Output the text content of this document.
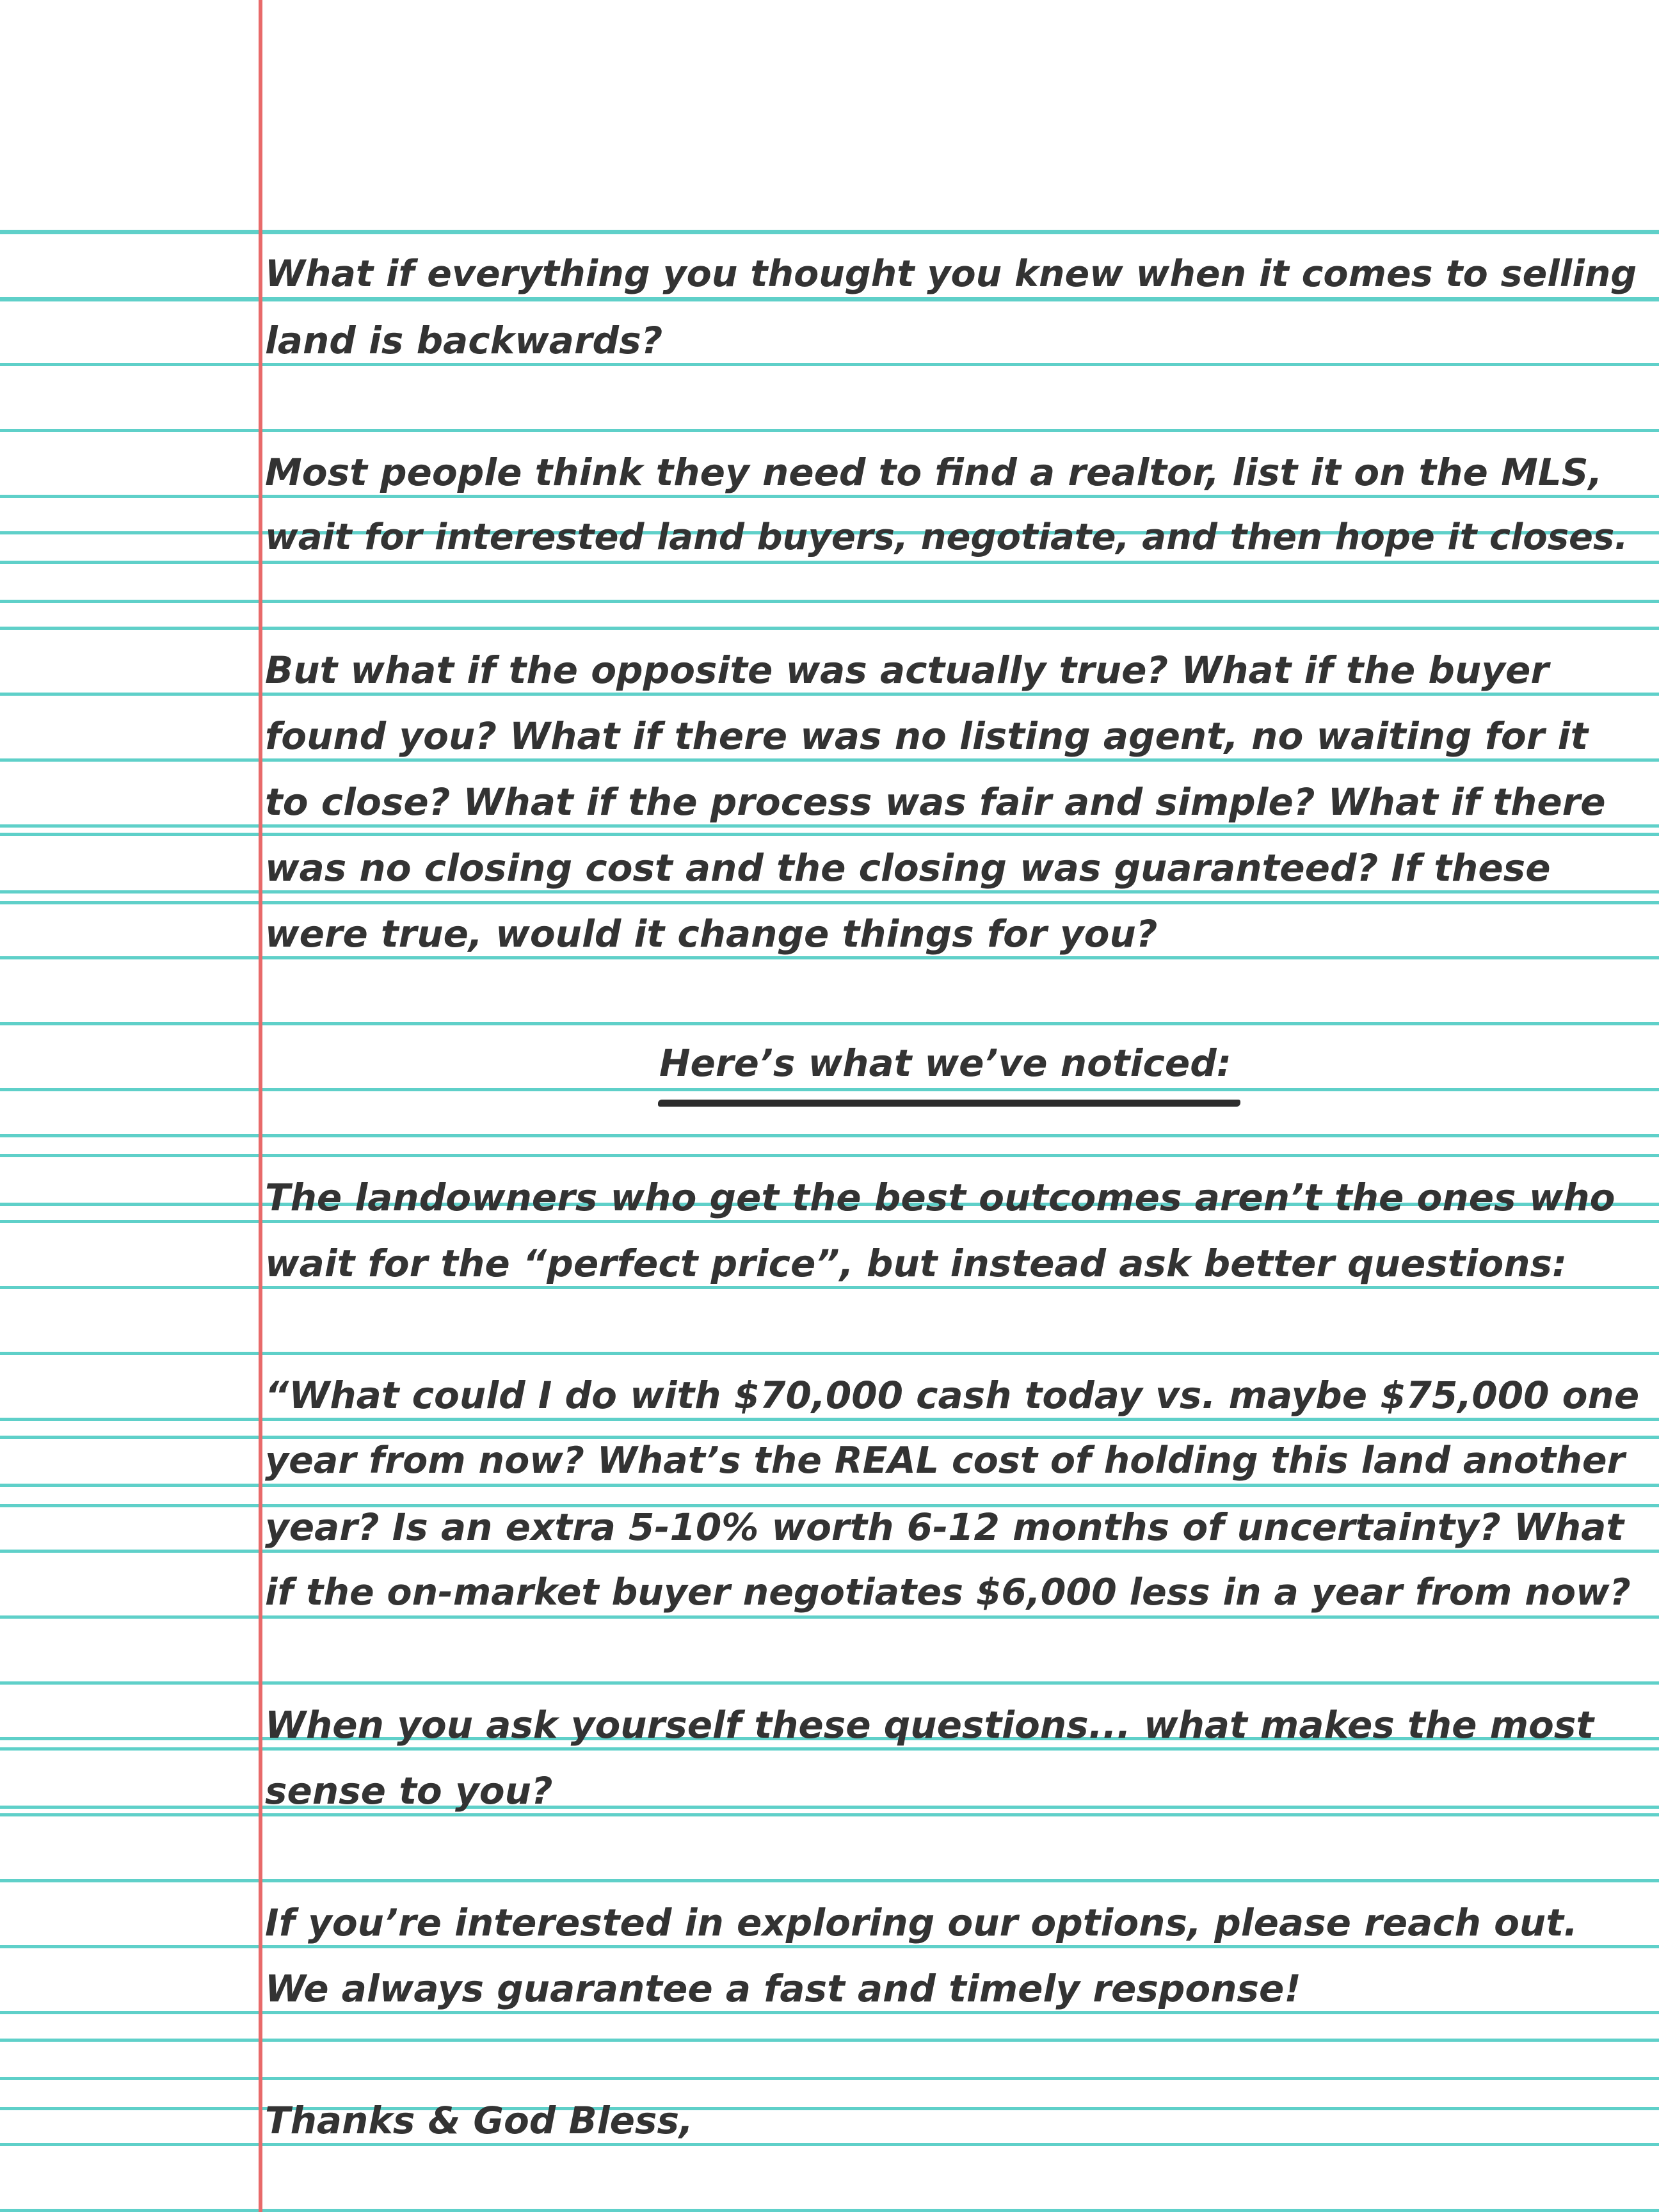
What if everything you thought you knew when it comes to selling

land is backwards?

Most people think they need to find a realtor, list it on the MLS,

wait for interested land buyers, negotiate, and then hope it closes.

But what if the opposite was actually true? What if the buyer

found you? What if there was no listing agent, no waiting for it

to close? What if the process was fair and simple? What if there

was no closing cost and the closing was guaranteed? If these

were true, would it change things for you?

Here’s what we’ve noticed:

The landowners who get the best outcomes aren’t the ones who

wait for the “perfect price”, but instead ask better questions:

“What could I do with $70,000 cash today vs. maybe $75,000 one

year from now? What’s the REAL cost of holding this land another

year? Is an extra 5-10% worth 6-12 months of uncertainty? What

if the on-market buyer negotiates $6,000 less in a year from now?

When you ask yourself these questions... what makes the most

sense to you?

If you’re interested in exploring our options, please reach out.

We always guarantee a fast and timely response!

Thanks & God Bless,
